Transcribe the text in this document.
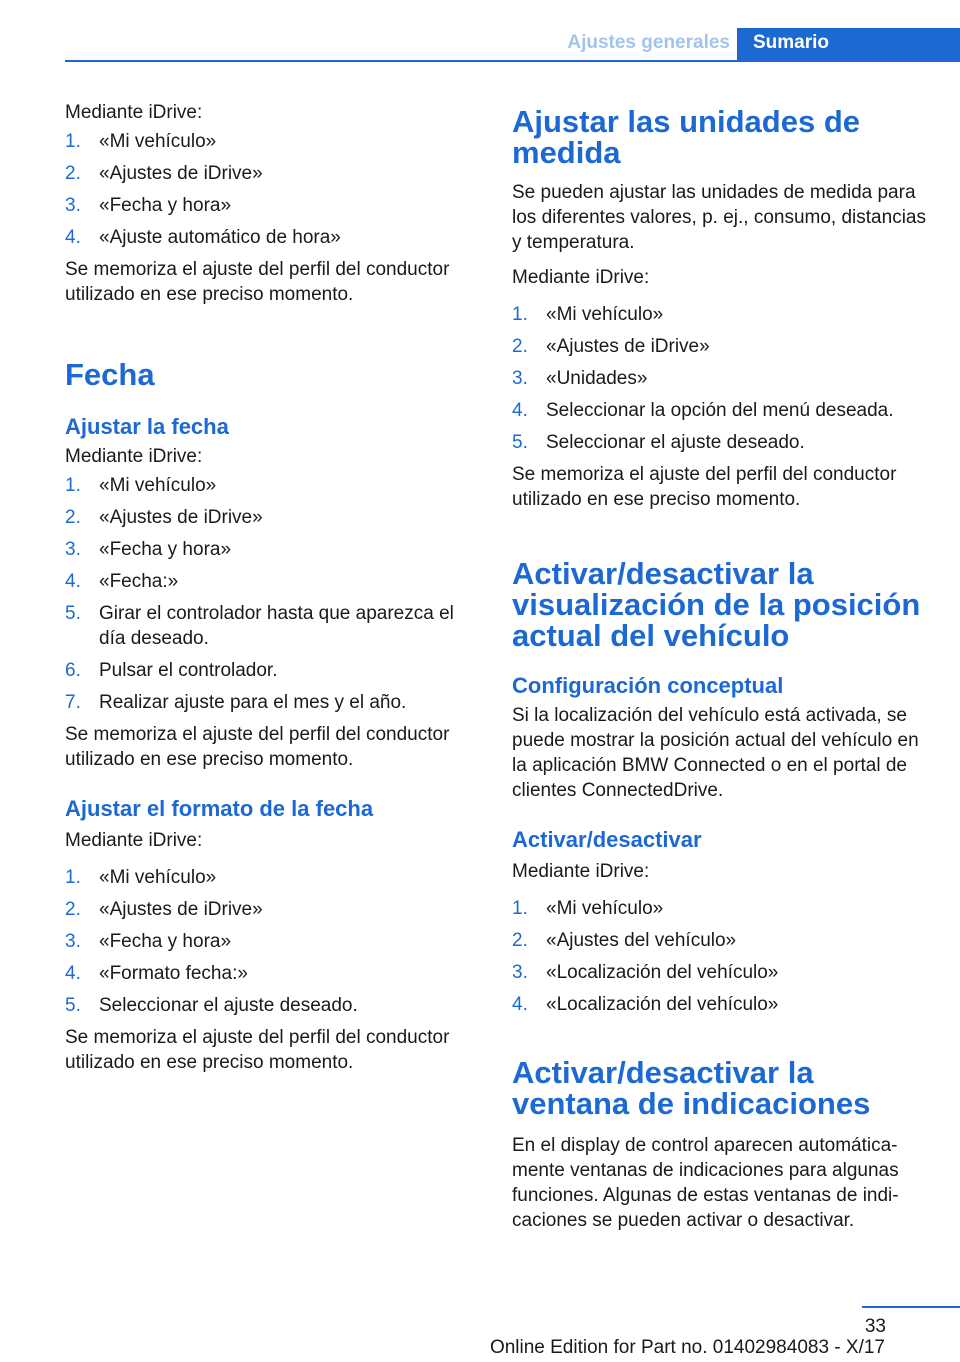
Ajustes generales	Sumario

Mediante iDrive:

1. «Mi vehículo»
2. «Ajustes de iDrive»
3. «Fecha y hora»
4. «Ajuste automático de hora»

Se memoriza el ajuste del perfil del conductor utilizado en ese preciso momento.

Fecha
Ajustar la fecha

Mediante iDrive:

1. «Mi vehículo»
2. «Ajustes de iDrive»
3. «Fecha y hora»
4. «Fecha:»
5. Girar el controlador hasta que aparezca el día deseado.
6. Pulsar el controlador.
7. Realizar ajuste para el mes y el año.

Se memoriza el ajuste del perfil del conductor utilizado en ese preciso momento.

Ajustar el formato de la fecha

Mediante iDrive:

1. «Mi vehículo»
2. «Ajustes de iDrive»
3. «Fecha y hora»
4. «Formato fecha:»
5. Seleccionar el ajuste deseado.

Se memoriza el ajuste del perfil del conductor utilizado en ese preciso momento.

Ajustar las unidades de medida

Se pueden ajustar las unidades de medida para los diferentes valores, p. ej., consumo, distancias y temperatura.

Mediante iDrive:

1. «Mi vehículo»
2. «Ajustes de iDrive»
3. «Unidades»
4. Seleccionar la opción del menú deseada.
5. Seleccionar el ajuste deseado.

Se memoriza el ajuste del perfil del conductor utilizado en ese preciso momento.

Activar/desactivar la visualización de la posición actual del vehículo
Configuración conceptual

Si la localización del vehículo está activada, se puede mostrar la posición actual del vehículo en la aplicación BMW Connected o en el portal de clientes ConnectedDrive.

Activar/desactivar

Mediante iDrive:

1. «Mi vehículo»
2. «Ajustes del vehículo»
3. «Localización del vehículo»
4. «Localización del vehículo»
Activar/desactivar la ventana de indicaciones

En el display de control aparecen automática-mente ventanas de indicaciones para algunas funciones. Algunas de estas ventanas de indi-caciones se pueden activar o desactivar.

33
Online Edition for Part no. 01402984083 - X/17
